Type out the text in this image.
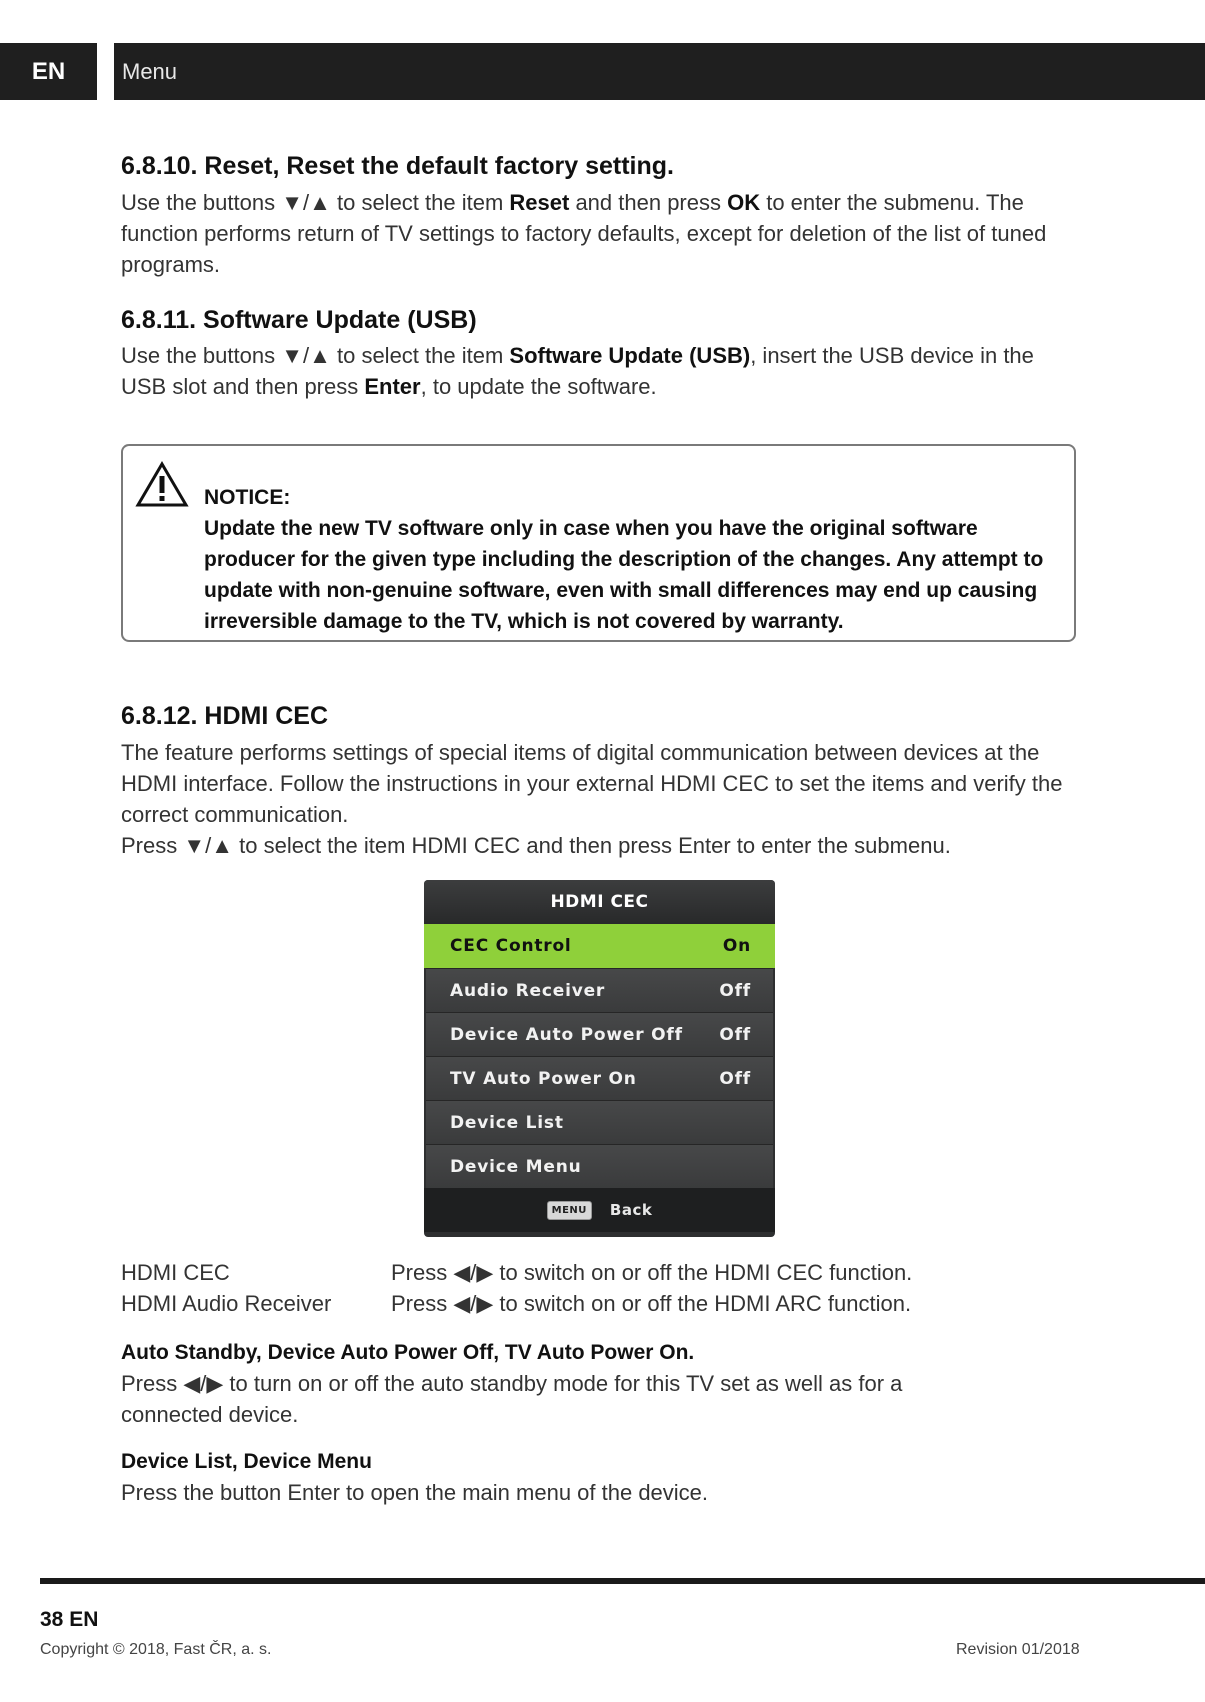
EN	Menu
6.8.10. Reset, Reset the default factory setting.

Use the buttons ▼/▲ to select the item Reset and then press OK to enter the submenu. The function performs return of TV settings to factory defaults, except for deletion of the list of tuned programs.

6.8.11. Software Update (USB)

Use the buttons ▼/▲ to select the item Software Update (USB), insert the USB device in the USB slot and then press Enter, to update the software.

NOTICE:
Update the new TV software only in case when you have the original software producer for the given type including the description of the changes. Any attempt to update with non-genuine software, even with small differences may end up causing irreversible damage to the TV, which is not covered by warranty.
6.8.12. HDMI CEC

The feature performs settings of special items of digital communication between devices at the HDMI interface. Follow the instructions in your external HDMI CEC to set the items and verify the correct communication.

Press ▼/▲ to select the item HDMI CEC and then press Enter to enter the submenu.

HDMI CEC
CEC Control	On
Audio Receiver	Off
Device Auto Power Off Off
TV Auto Power On	Off
Device List
Device Menu
MENU	Back
HDMI CEC	Press ◀/▶ to switch on or off the HDMI CEC function.
HDMI Audio Receiver	Press ◀/▶ to switch on or off the HDMI ARC function.
Auto Standby, Device Auto Power Off, TV Auto Power On.

Press ◀/▶ to turn on or off the auto standby mode for this TV set as well as for a connected device.

Device List, Device Menu

Press the button Enter to open the main menu of the device.

38 EN
Copyright © 2018, Fast ČR, a. s.	Revision 01/2018
